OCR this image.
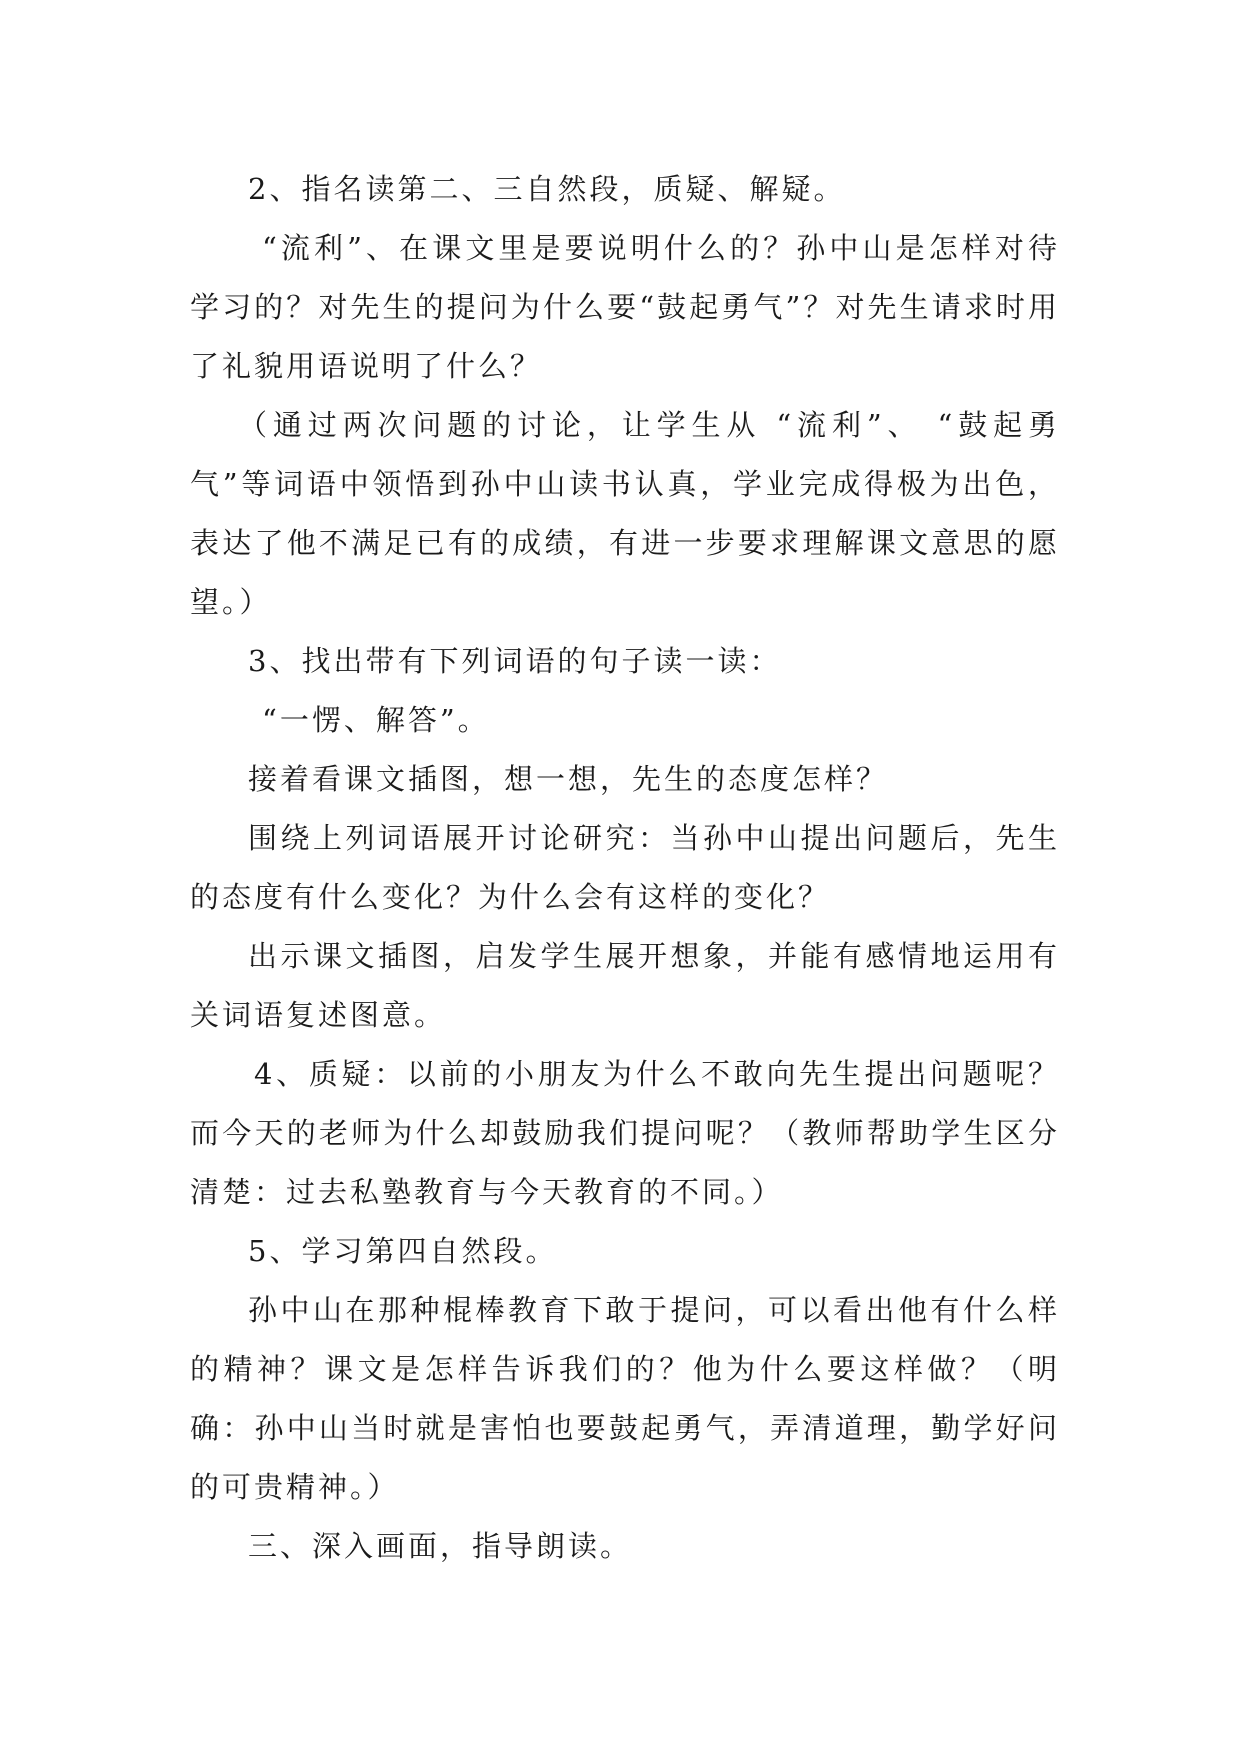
2、指名读第二、三自然段，质疑、解疑。

“流利”、在课文里是要说明什么的？孙中山是怎样对待学习的？对先生的提问为什么要“鼓起勇气”？对先生请求时用了礼貌用语说明了什么？

（通过两次问题的讨论，让学生从 “流利”、 “鼓起勇气”等词语中领悟到孙中山读书认真，学业完成得极为出色，表达了他不满足已有的成绩，有进一步要求理解课文意思的愿望。）

3、找出带有下列词语的句子读一读：

“一愣、解答”。

接着看课文插图，想一想，先生的态度怎样？

围绕上列词语展开讨论研究：当孙中山提出问题后，先生的态度有什么变化？为什么会有这样的变化？

出示课文插图，启发学生展开想象，并能有感情地运用有关词语复述图意。

4、质疑：以前的小朋友为什么不敢向先生提出问题呢？而今天的老师为什么却鼓励我们提问呢？（教师帮助学生区分清楚：过去私塾教育与今天教育的不同。）

5、学习第四自然段。

孙中山在那种棍棒教育下敢于提问，可以看出他有什么样的精神？课文是怎样告诉我们的？他为什么要这样做？（明确：孙中山当时就是害怕也要鼓起勇气，弄清道理，勤学好问的可贵精神。）

三、深入画面，指导朗读。
